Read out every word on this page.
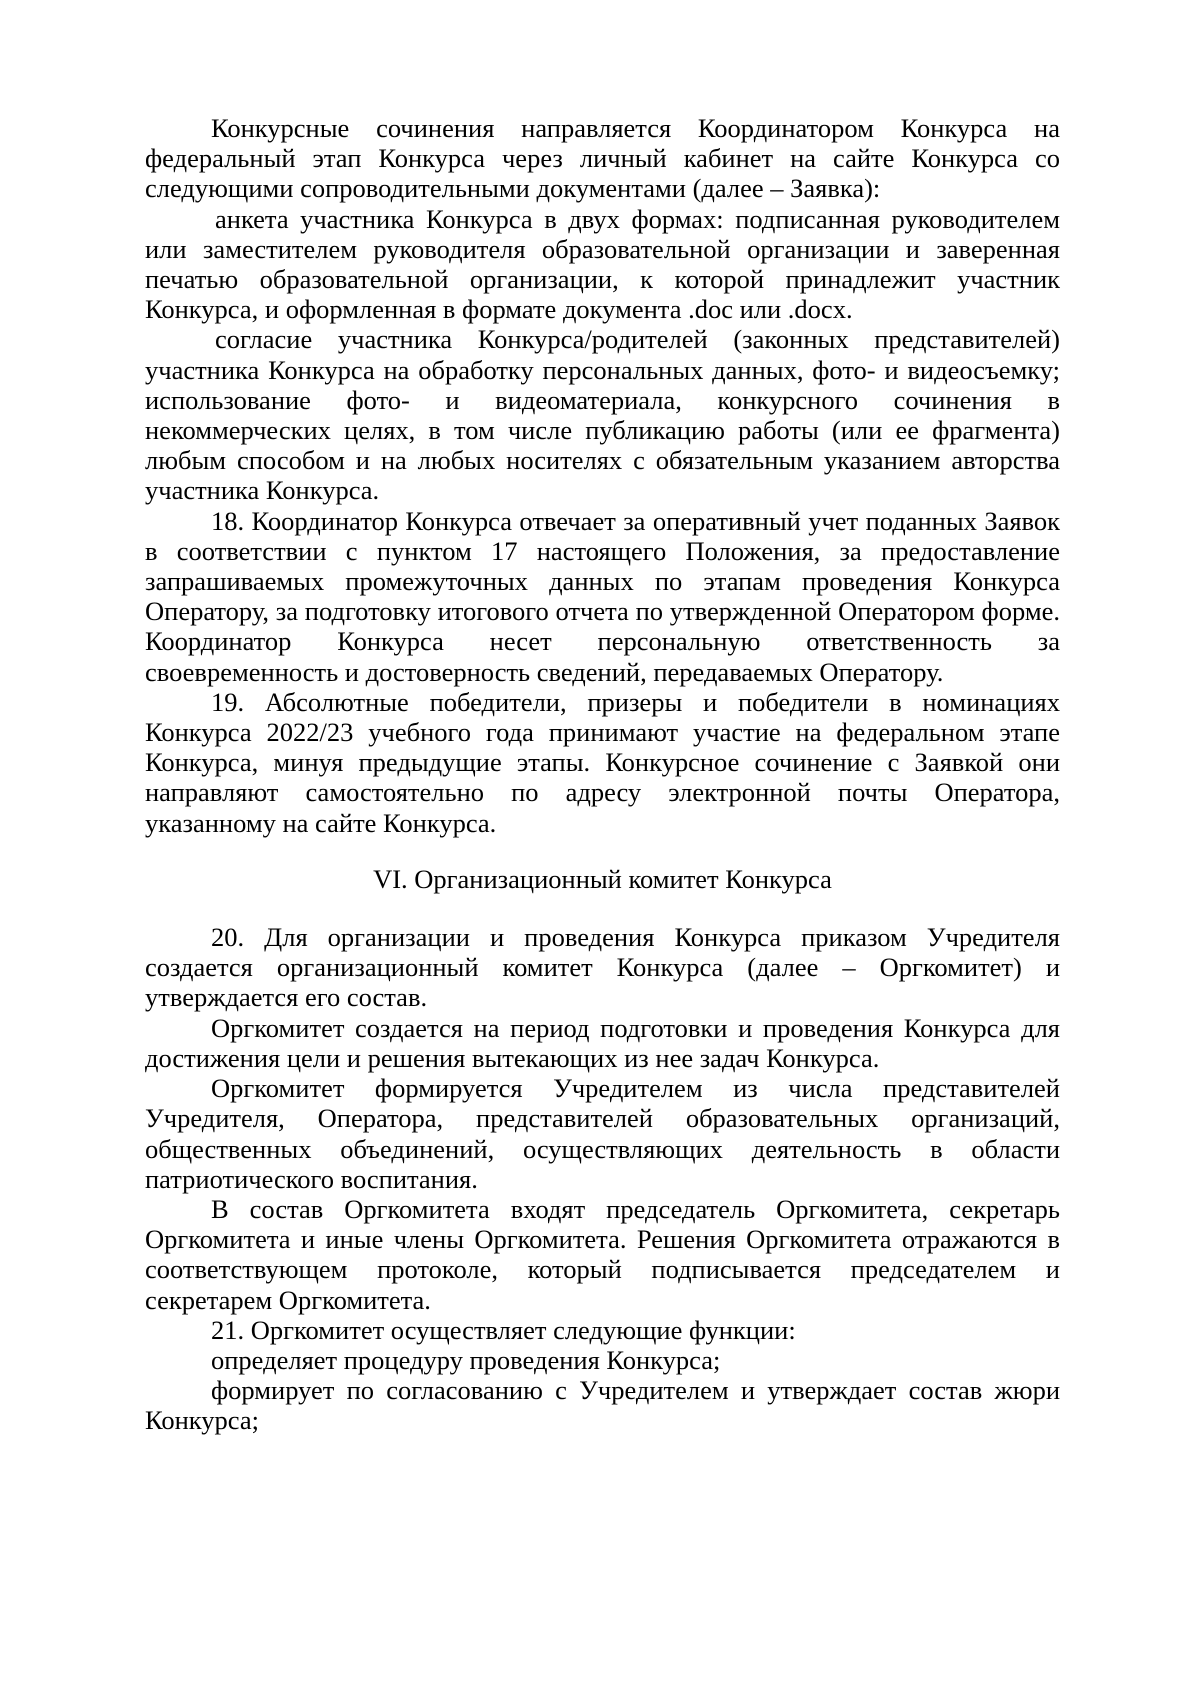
Конкурсные сочинения направляется Координатором Конкурса на федеральный этап Конкурса через личный кабинет на сайте Конкурса со следующими сопроводительными документами (далее – Заявка):

анкета участника Конкурса в двух формах: подписанная руководителем или заместителем руководителя образовательной организации и заверенная печатью образовательной организации, к которой принадлежит участник Конкурса, и оформленная в формате документа .doc или .docx.

согласие участника Конкурса/родителей (законных представителей) участника Конкурса на обработку персональных данных, фото- и видеосъемку; использование фото- и видеоматериала, конкурсного сочинения в некоммерческих целях, в том числе публикацию работы (или ее фрагмента) любым способом и на любых носителях с обязательным указанием авторства участника Конкурса.

18. Координатор Конкурса отвечает за оперативный учет поданных Заявок в соответствии с пунктом 17 настоящего Положения, за предоставление запрашиваемых промежуточных данных по этапам проведения Конкурса Оператору, за подготовку итогового отчета по утвержденной Оператором форме. Координатор Конкурса несет персональную ответственность за своевременность и достоверность сведений, передаваемых Оператору.

19. Абсолютные победители, призеры и победители в номинациях Конкурса 2022/23 учебного года принимают участие на федеральном этапе Конкурса, минуя предыдущие этапы. Конкурсное сочинение с Заявкой они направляют самостоятельно по адресу электронной почты Оператора, указанному на сайте Конкурса.

VI. Организационный комитет Конкурса

20. Для организации и проведения Конкурса приказом Учредителя создается организационный комитет Конкурса (далее – Оргкомитет) и утверждается его состав.

Оргкомитет создается на период подготовки и проведения Конкурса для достижения цели и решения вытекающих из нее задач Конкурса.

Оргкомитет формируется Учредителем из числа представителей Учредителя, Оператора, представителей образовательных организаций, общественных объединений, осуществляющих деятельность в области патриотического воспитания.

В состав Оргкомитета входят председатель Оргкомитета, секретарь Оргкомитета и иные члены Оргкомитета. Решения Оргкомитета отражаются в соответствующем протоколе, который подписывается председателем и секретарем Оргкомитета.

21. Оргкомитет осуществляет следующие функции:

определяет процедуру проведения Конкурса;

формирует по согласованию с Учредителем и утверждает состав жюри Конкурса;
